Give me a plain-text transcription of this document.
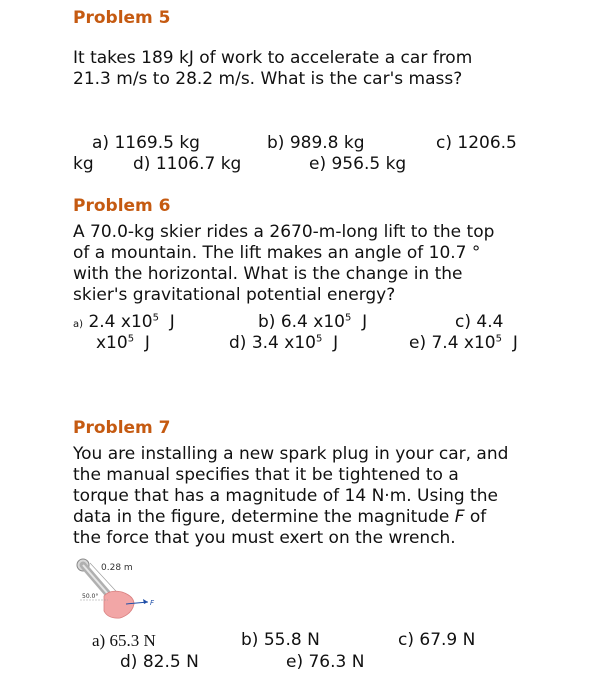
Problem 5
It takes 189 kJ of work to accelerate a car from
21.3 m/s to 28.2 m/s. What is the car's mass?
a) 1169.5 kg	b) 989.8 kg	c) 1206.5
kg d) 1106.7 kg	e) 956.5 kg
Problem 6
A 70.0-kg skier rides a 2670-m-long lift to the top
of a mountain. The lift makes an angle of 10.7 °
with the horizontal. What is the change in the
skier's gravitational potential energy?
a) 2.4 $x10^5$ J	b) 6.4 $x10^5$ J	c) 4.4
$x10^5$ J	d) 3.4 $x10^5$ J	e) 7.4 $x10^5$ J
Problem 7
You are installing a new spark plug in your car, and
the manual specifies that it be tightened to a
torque that has a magnitude of 14 N·m. Using the
data in the figure, determine the magnitude F of
the force that you must exert on the wrench.
0.28 m
50.0°
F
a) 65.3 N	b) 55.8 N	c) 67.9 N
d) 82.5 N	e) 76.3 N
